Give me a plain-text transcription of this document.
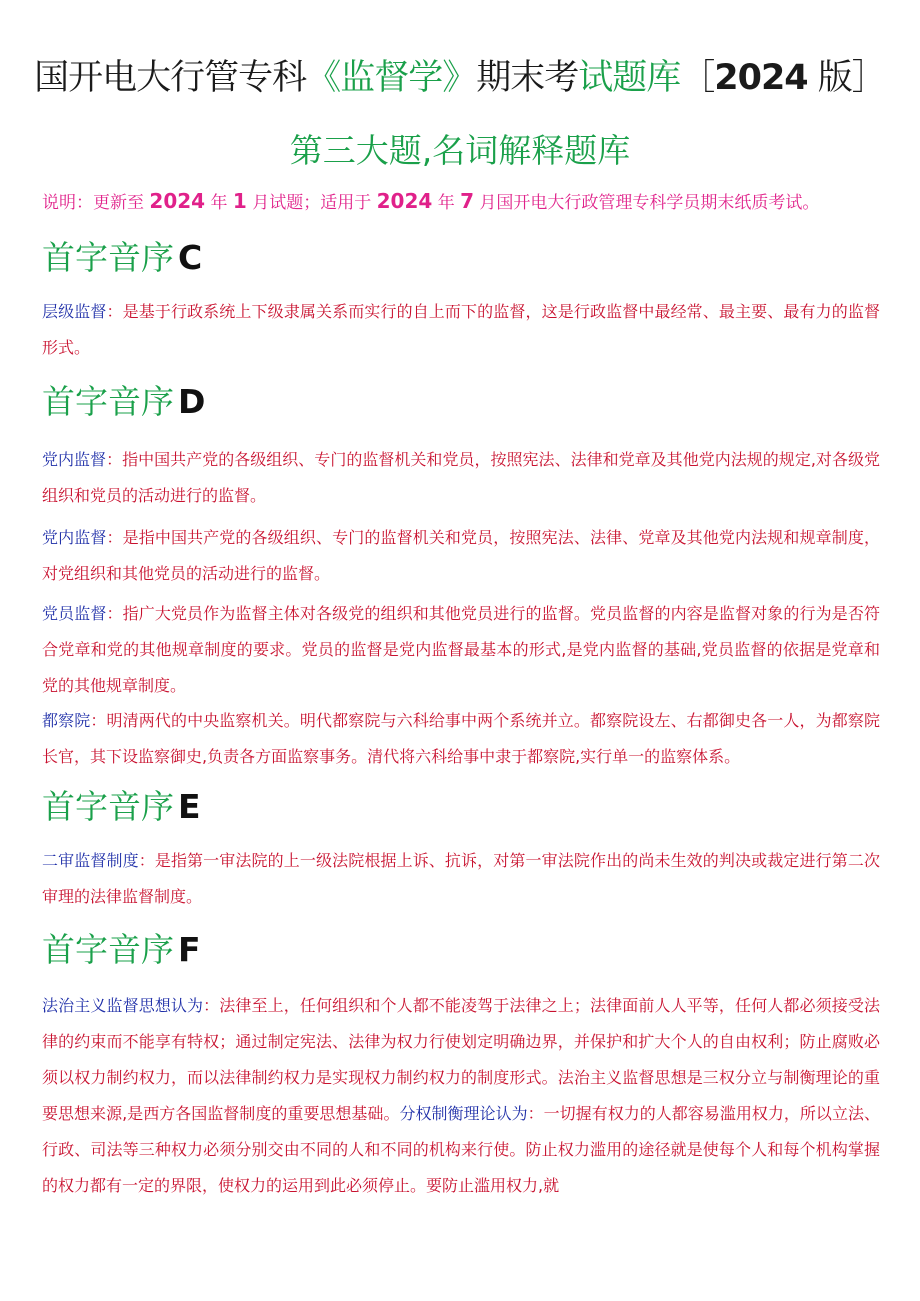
国开电大行管专科《监督学》期末考试题库［2024 版］
第三大题,名词解释题库
说明：更新至 2024 年 1 月试题；适用于 2024 年 7 月国开电大行政管理专科学员期末纸质考试。
首字音序 C
层级监督：是基于行政系统上下级隶属关系而实行的自上而下的监督，这是行政监督中最经常、最主要、最有力的监督形式。
首字音序 D
党内监督：指中国共产党的各级组织、专门的监督机关和党员，按照宪法、法律和党章及其他党内法规的规定,对各级党组织和党员的活动进行的监督。
党内监督：是指中国共产党的各级组织、专门的监督机关和党员，按照宪法、法律、党章及其他党内法规和规章制度，对党组织和其他党员的活动进行的监督。
党员监督：指广大党员作为监督主体对各级党的组织和其他党员进行的监督。党员监督的内容是监督对象的行为是否符合党章和党的其他规章制度的要求。党员的监督是党内监督最基本的形式,是党内监督的基础,党员监督的依据是党章和党的其他规章制度。
都察院：明清两代的中央监察机关。明代都察院与六科给事中两个系统并立。都察院设左、右都御史各一人，为都察院长官，其下设监察御史,负责各方面监察事务。清代将六科给事中隶于都察院,实行单一的监察体系。
首字音序 E
二审监督制度：是指第一审法院的上一级法院根据上诉、抗诉，对第一审法院作出的尚未生效的判决或裁定进行第二次审理的法律监督制度。
首字音序 F
法治主义监督思想认为：法律至上，任何组织和个人都不能凌驾于法律之上；法律面前人人平等，任何人都必须接受法律的约束而不能享有特权；通过制定宪法、法律为权力行使划定明确边界，并保护和扩大个人的自由权利；防止腐败必须以权力制约权力，而以法律制约权力是实现权力制约权力的制度形式。法治主义监督思想是三权分立与制衡理论的重要思想来源,是西方各国监督制度的重要思想基础。分权制衡理论认为：一切握有权力的人都容易滥用权力，所以立法、行政、司法等三种权力必须分别交由不同的人和不同的机构来行使。防止权力滥用的途径就是使每个人和每个机构掌握的权力都有一定的界限，使权力的运用到此必须停止。要防止滥用权力,就
